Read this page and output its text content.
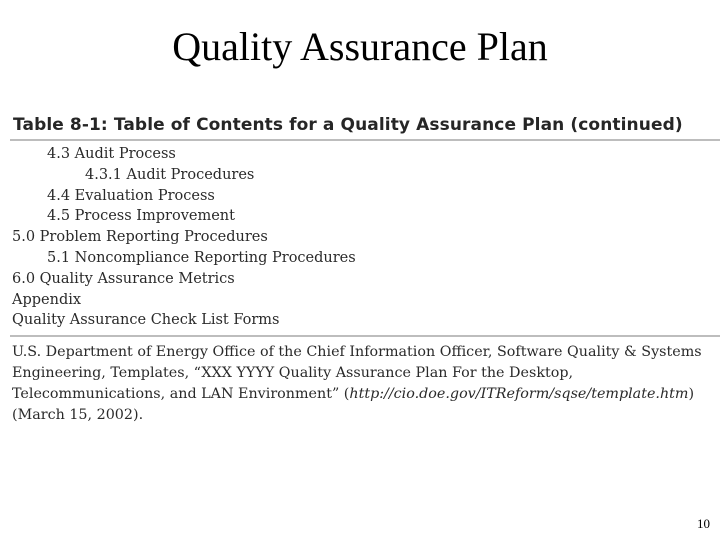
Quality Assurance Plan
Table 8-1: Table of Contents for a Quality Assurance Plan (continued)
4.3 Audit Process
4.3.1 Audit Procedures
4.4 Evaluation Process
4.5 Process Improvement
5.0 Problem Reporting Procedures
5.1 Noncompliance Reporting Procedures
6.0 Quality Assurance Metrics
Appendix
Quality Assurance Check List Forms
U.S. Department of Energy Office of the Chief Information Officer, Software Quality & Systems Engineering, Templates, “XXX YYYY Quality Assurance Plan For the Desktop, Telecommunications, and LAN Environment” (http://cio.doe.gov/ITReform/sqse/template.htm) (March 15, 2002).
10
